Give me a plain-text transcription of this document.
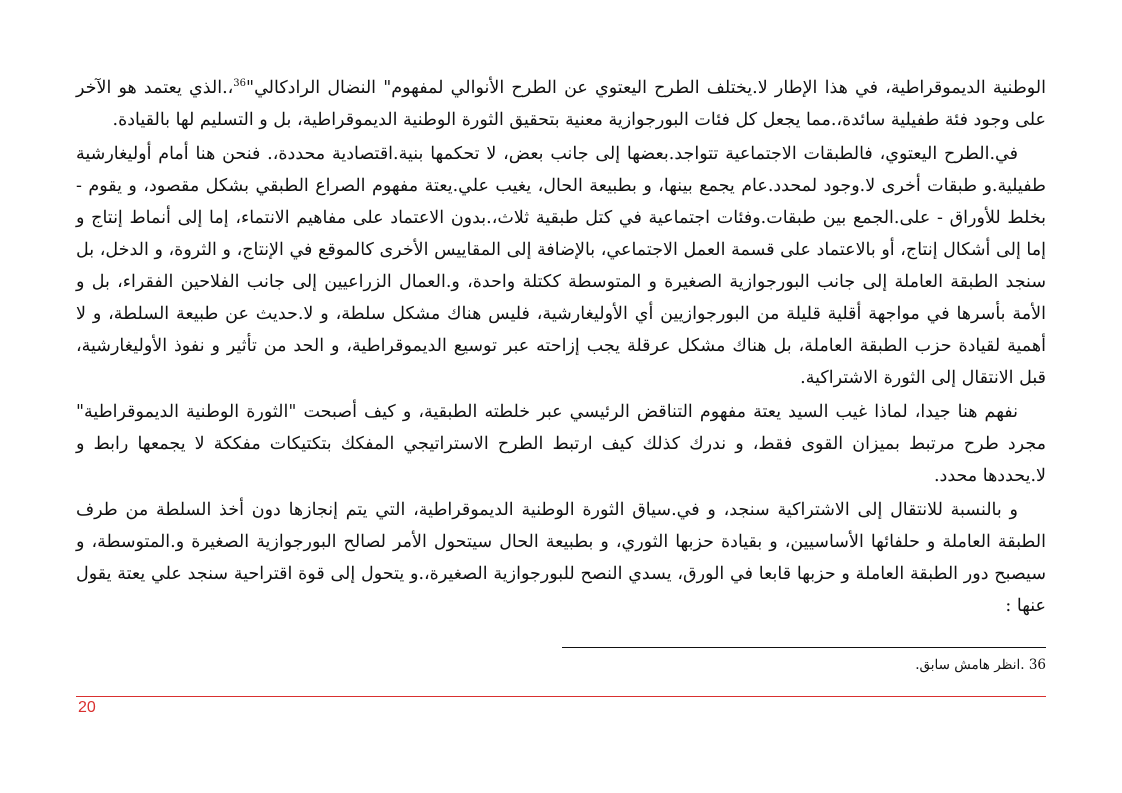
الوطنية الديموقراطية، في هذا الإطار لا.يختلف الطرح اليعتوي عن الطرح الأنوالي لمفهوم" النضال الرادكالي"$^{36}$،.الذي يعتمد هو الآخر على وجود فئة طفيلية سائدة،.مما يجعل كل فئات البورجوازية معنية بتحقيق الثورة الوطنية الديموقراطية، بل و التسليم لها بالقيادة.

في.الطرح اليعتوي، فالطبقات الاجتماعية تتواجد.بعضها إلى جانب بعض، لا تحكمها بنية.اقتصادية محددة،. فنحن هنا أمام أوليغارشية طفيلية.و طبقات أخرى لا.وجود لمحدد.عام يجمع بينها، و بطبيعة الحال، يغيب علي.يعتة مفهوم الصراع الطبقي بشكل مقصود، و يقوم - بخلط للأوراق - على.الجمع بين طبقات.وفئات اجتماعية في كتل طبقية ثلاث،.بدون الاعتماد على مفاهيم الانتماء، إما إلى أنماط إنتاج و إما إلى أشكال إنتاج، أو بالاعتماد على قسمة العمل الاجتماعي، بالإضافة إلى المقاييس الأخرى كالموقع في الإنتاج، و الثروة، و الدخل، بل سنجد الطبقة العاملة إلى جانب البورجوازية الصغيرة و المتوسطة ككتلة واحدة، و.العمال الزراعيين إلى جانب الفلاحين الفقراء، بل و الأمة بأسرها في مواجهة أقلية قليلة من البورجوازيين أي الأوليغارشية، فليس هناك مشكل سلطة، و لا.حديث عن طبيعة السلطة، و لا أهمية لقيادة حزب الطبقة العاملة، بل هناك مشكل عرقلة يجب إزاحته عبر توسيع الديموقراطية، و الحد من تأثير و نفوذ الأوليغارشية، قبل الانتقال إلى الثورة الاشتراكية.

نفهم هنا جيدا، لماذا غيب السيد يعتة مفهوم التناقض الرئيسي عبر خلطته الطبقية، و كيف أصبحت "الثورة الوطنية الديموقراطية" مجرد طرح مرتبط بميزان القوى فقط، و ندرك كذلك كيف ارتبط الطرح الاستراتيجي المفكك بتكتيكات مفككة لا يجمعها رابط و لا.يحددها محدد.

و بالنسبة للانتقال إلى الاشتراكية سنجد، و في.سياق الثورة الوطنية الديموقراطية، التي يتم إنجازها دون أخذ السلطة من طرف الطبقة العاملة و حلفائها الأساسيين، و بقيادة حزبها الثوري، و بطبيعة الحال سيتحول الأمر لصالح البورجوازية الصغيرة و.المتوسطة، و سيصبح دور الطبقة العاملة و حزبها قابعا في الورق، يسدي النصح للبورجوازية الصغيرة،.و يتحول إلى قوة اقتراحية سنجد علي يعتة يقول عنها :

36 .انظر هامش سابق.
20
